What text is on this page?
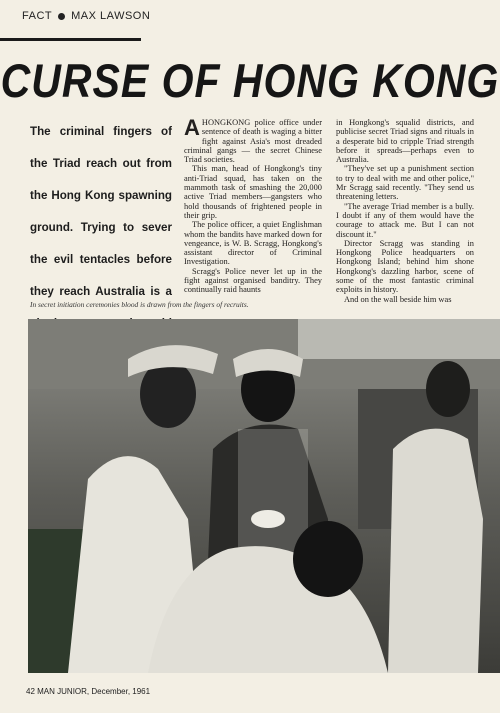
FACT MAX LAWSON
CURSE OF HONG KONG
The criminal fingers of the Triad reach out from the Hong Kong spawning ground. Trying to sever the evil tentacles before they reach Australia is a

AHONGKONG police office under sentence of death is waging a bitter fight against Asia's most dreaded criminal gangs — the secret Chinese Triad societies.

This man, head of Hongkong's tiny anti-Triad squad, has taken on the mammoth task of smashing the 20,000 active Triad members—gangsters who hold thousands of frightened people in their grip.

The police officer, a quiet Englishman whom the bandits have marked down for vengeance, is W. B. Scragg, Hongkong's assistant director of Criminal Investigation.

Scragg's Police never let up in the fight against organised banditry. They continually raid haunts

in Hongkong's squalid districts, and publicise secret Triad signs and rituals in a desperate bid to cripple Triad strength before it spreads—perhaps even to Australia.

"They've set up a punishment section to try to deal with me and other police," Mr Scragg said recently. "They send us threatening letters.

"The average Triad member is a bully. I doubt if any of them would have the courage to attack me. But I can not discount it."

Director Scragg was standing in Hongkong Police headquarters on Hongkong Island; behind him shone Hongkong's dazzling harbor, scene of some of the most fantastic criminal exploits in history.

And on the wall beside him was

In secret initiation ceremonies blood is drawn from the fingers of recruits.
42 MAN JUNIOR, December, 1961
